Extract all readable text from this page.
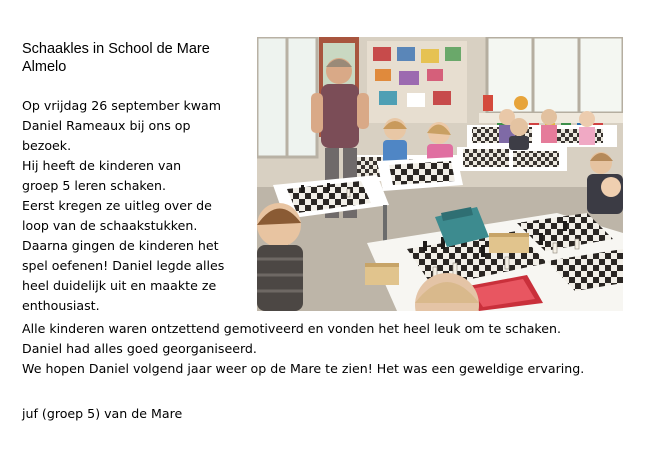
Schaakles in School de Mare
Almelo
Op vrijdag 26 september kwam
Daniel Rameaux bij ons op
bezoek.
Hij heeft de kinderen van
groep 5 leren schaken.
Eerst kregen ze uitleg over de
loop van de schaakstukken.
Daarna gingen de kinderen het
spel oefenen! Daniel legde alles
heel duidelijk uit en maakte ze
enthousiast.
Alle kinderen waren ontzettend gemotiveerd en vonden het heel leuk om te schaken.
Daniel had alles goed georganiseerd.
We hopen Daniel volgend jaar weer op de Mare te zien! Het was een geweldige ervaring.
juf (groep 5) van de Mare
